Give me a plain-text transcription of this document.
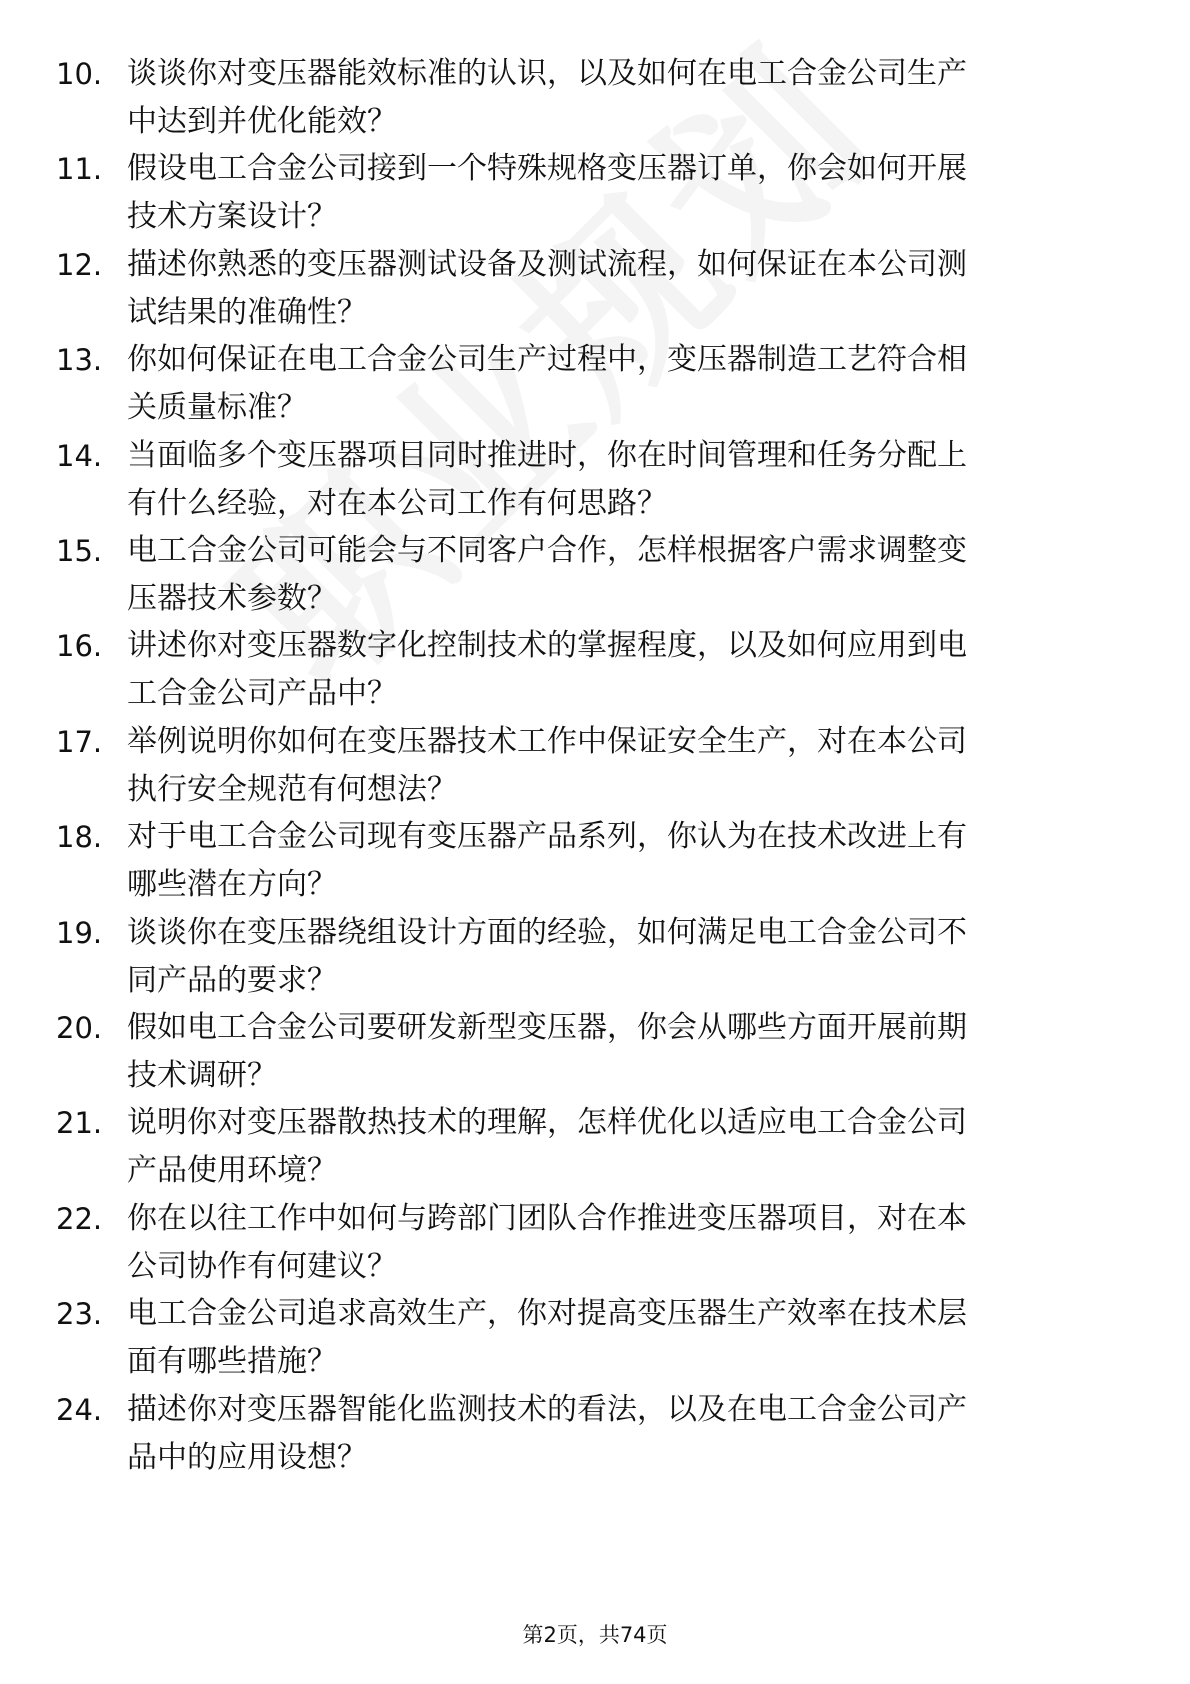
10. 谈谈你对变压器能效标准的认识，以及如何在电工合金公司生产
中达到并优化能效？
11. 假设电工合金公司接到一个特殊规格变压器订单，你会如何开展
技术方案设计？
12. 描述你熟悉的变压器测试设备及测试流程，如何保证在本公司测
试结果的准确性？
13. 你如何保证在电工合金公司生产过程中，变压器制造工艺符合相
关质量标准？
14. 当面临多个变压器项目同时推进时，你在时间管理和任务分配上
有什么经验，对在本公司工作有何思路？
15. 电工合金公司可能会与不同客户合作，怎样根据客户需求调整变
压器技术参数？
16. 讲述你对变压器数字化控制技术的掌握程度，以及如何应用到电
工合金公司产品中？
17. 举例说明你如何在变压器技术工作中保证安全生产，对在本公司
执行安全规范有何想法？
18. 对于电工合金公司现有变压器产品系列，你认为在技术改进上有
哪些潜在方向？
19. 谈谈你在变压器绕组设计方面的经验，如何满足电工合金公司不
同产品的要求？
20. 假如电工合金公司要研发新型变压器，你会从哪些方面开展前期
技术调研？
21. 说明你对变压器散热技术的理解，怎样优化以适应电工合金公司
产品使用环境？
22. 你在以往工作中如何与跨部门团队合作推进变压器项目，对在本
公司协作有何建议？
23. 电工合金公司追求高效生产，你对提高变压器生产效率在技术层
面有哪些措施？
24. 描述你对变压器智能化监测技术的看法，以及在电工合金公司产
品中的应用设想？
第2页，共74页
